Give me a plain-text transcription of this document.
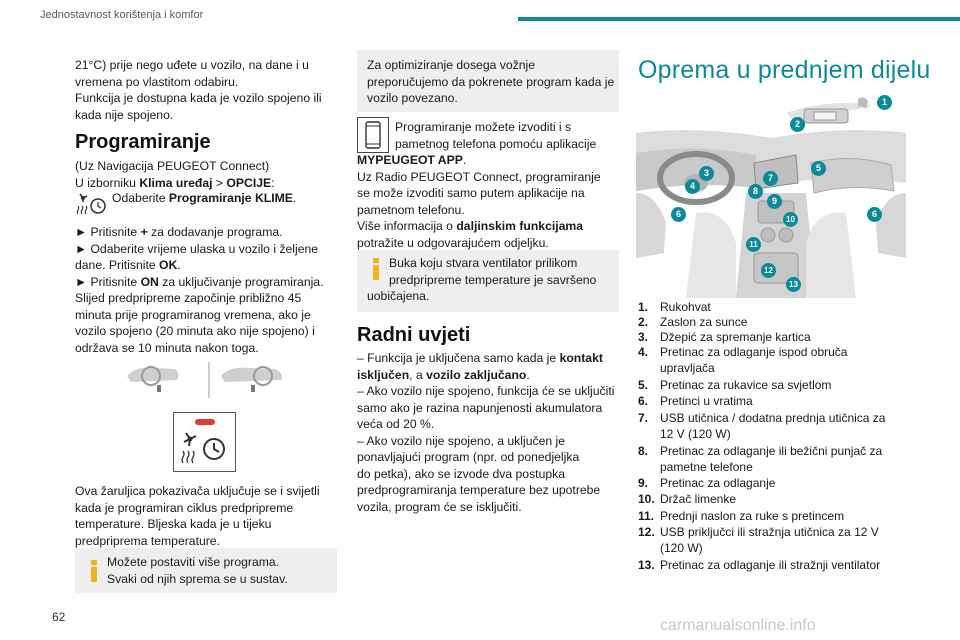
Jednostavnost korištenja i komfor

21°C) prije nego uđete u vozilo, na dane i u

vremena po vlastitom odabiru.

Funkcija je dostupna kada je vozilo spojeno ili

kada nije spojeno.

Programiranje

(Uz Navigacija PEUGEOT Connect)

U izborniku Klima uređaj > OPCIJE:

Odaberite Programiranje KLIME.

► Pritisnite + za dodavanje programa.

► Odaberite vrijeme ulaska u vozilo i željene

dane. Pritisnite OK.

► Pritisnite ON za uključivanje programiranja.

Slijed predpripreme započinje približno 45

minuta prije programiranog vremena, ako je

vozilo spojeno (20 minuta ako nije spojeno) i

održava se 10 minuta nakon toga.

Ova žaruljica pokazivača uključuje se i svijetli

kada je programiran ciklus predpripreme

temperature. Bljeska kada je u tijeku

predpriprema temperature.

Možete postaviti više programa.

Svaki od njih sprema se u sustav.

Za optimiziranje dosega vožnje

preporučujemo da pokrenete program kada je

vozilo povezano.

Programiranje možete izvoditi i s

pametnog telefona pomoću aplikacije

MYPEUGEOT APP.

Uz Radio PEUGEOT Connect, programiranje

se može izvoditi samo putem aplikacije na

pametnom telefonu.

Više informacija o daljinskim funkcijama

potražite u odgovarajućem odjeljku.

Buka koju stvara ventilator prilikom

predpripreme temperature je savršeno

uobičajena.

Radni uvjeti

– Funkcija je uključena samo kada je kontakt

isključen, a vozilo zaključano.

– Ako vozilo nije spojeno, funkcija će se uključiti

samo ako je razina napunjenosti akumulatora

veća od 20 %.

– Ako vozilo nije spojeno, a uključen je

ponavljajući program (npr. od ponedjeljka

do petka), ako se izvode dva postupka

predprogramiranja temperature bez upotrebe

vozila, program će se isključiti.

Oprema u prednjem dijelu
1
2
3
4
5
6	6
7
8
9
10
11
12
13
1. Rukohvat
2. Zaslon za sunce
3. Džepić za spremanje kartica
4. Pretinac za odlaganje ispod obruča
upravljača
5. Pretinac za rukavice sa svjetlom
6. Pretinci u vratima
7. USB utičnica / dodatna prednja utičnica za
12 V (120 W)
8. Pretinac za odlaganje ili bežični punjač za
pametne telefone
9. Pretinac za odlaganje
10. Držač limenke
11. Prednji naslon za ruke s pretincem
12. USB priključci ili stražnja utičnica za 12 V
(120 W)
13. Pretinac za odlaganje ili stražnji ventilator
62	carmanualsonline.info
